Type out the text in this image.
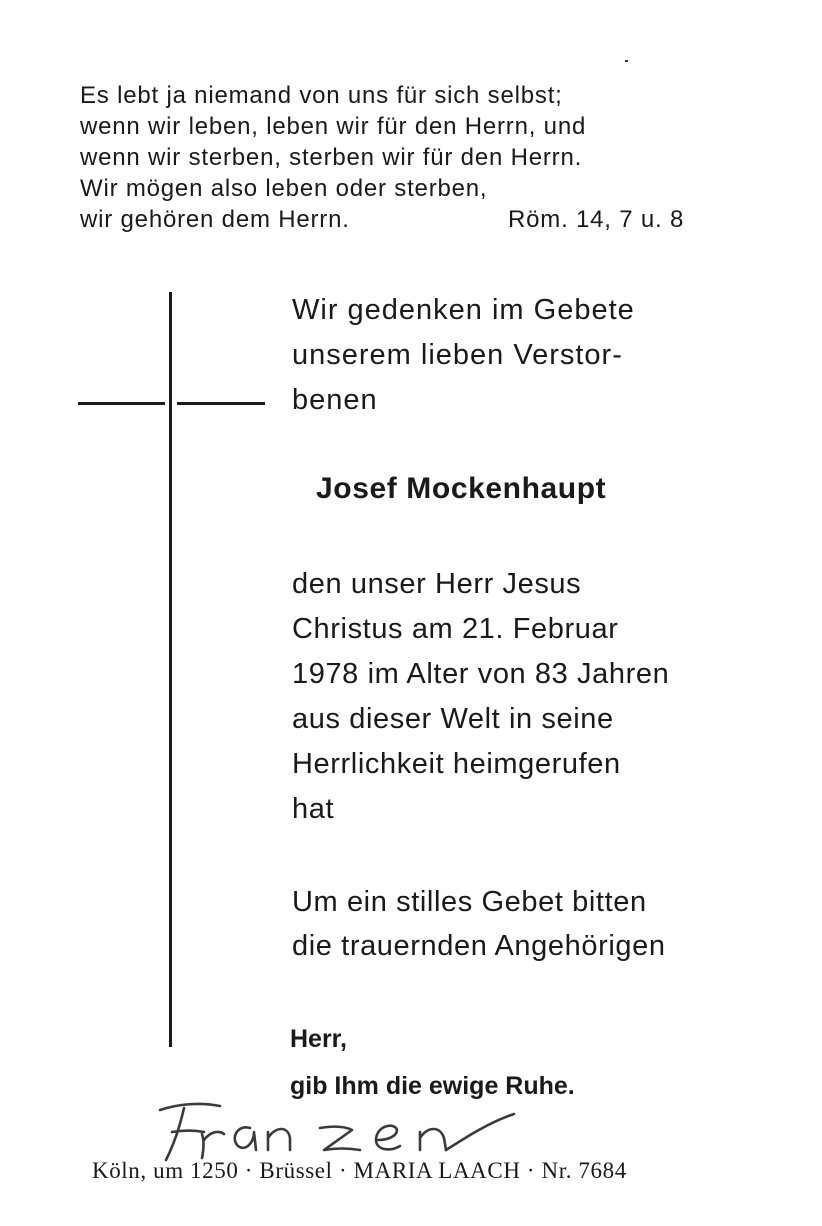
Es lebt ja niemand von uns für sich selbst;
wenn wir leben, leben wir für den Herrn, und
wenn wir sterben, sterben wir für den Herrn.
Wir mögen also leben oder sterben,
wir gehören dem Herrn.	Röm. 14, 7 u. 8
Wir gedenken im Gebete
unserem lieben Verstor-
benen
Josef Mockenhaupt
den unser Herr Jesus
Christus am 21. Februar
1978 im Alter von 83 Jahren
aus dieser Welt in seine
Herrlichkeit heimgerufen
hat
Um ein stilles Gebet bitten
die trauernden Angehörigen
Herr,
gib Ihm die ewige Ruhe.
Köln, um 1250 · Brüssel · MARIA LAACH · Nr. 7684
